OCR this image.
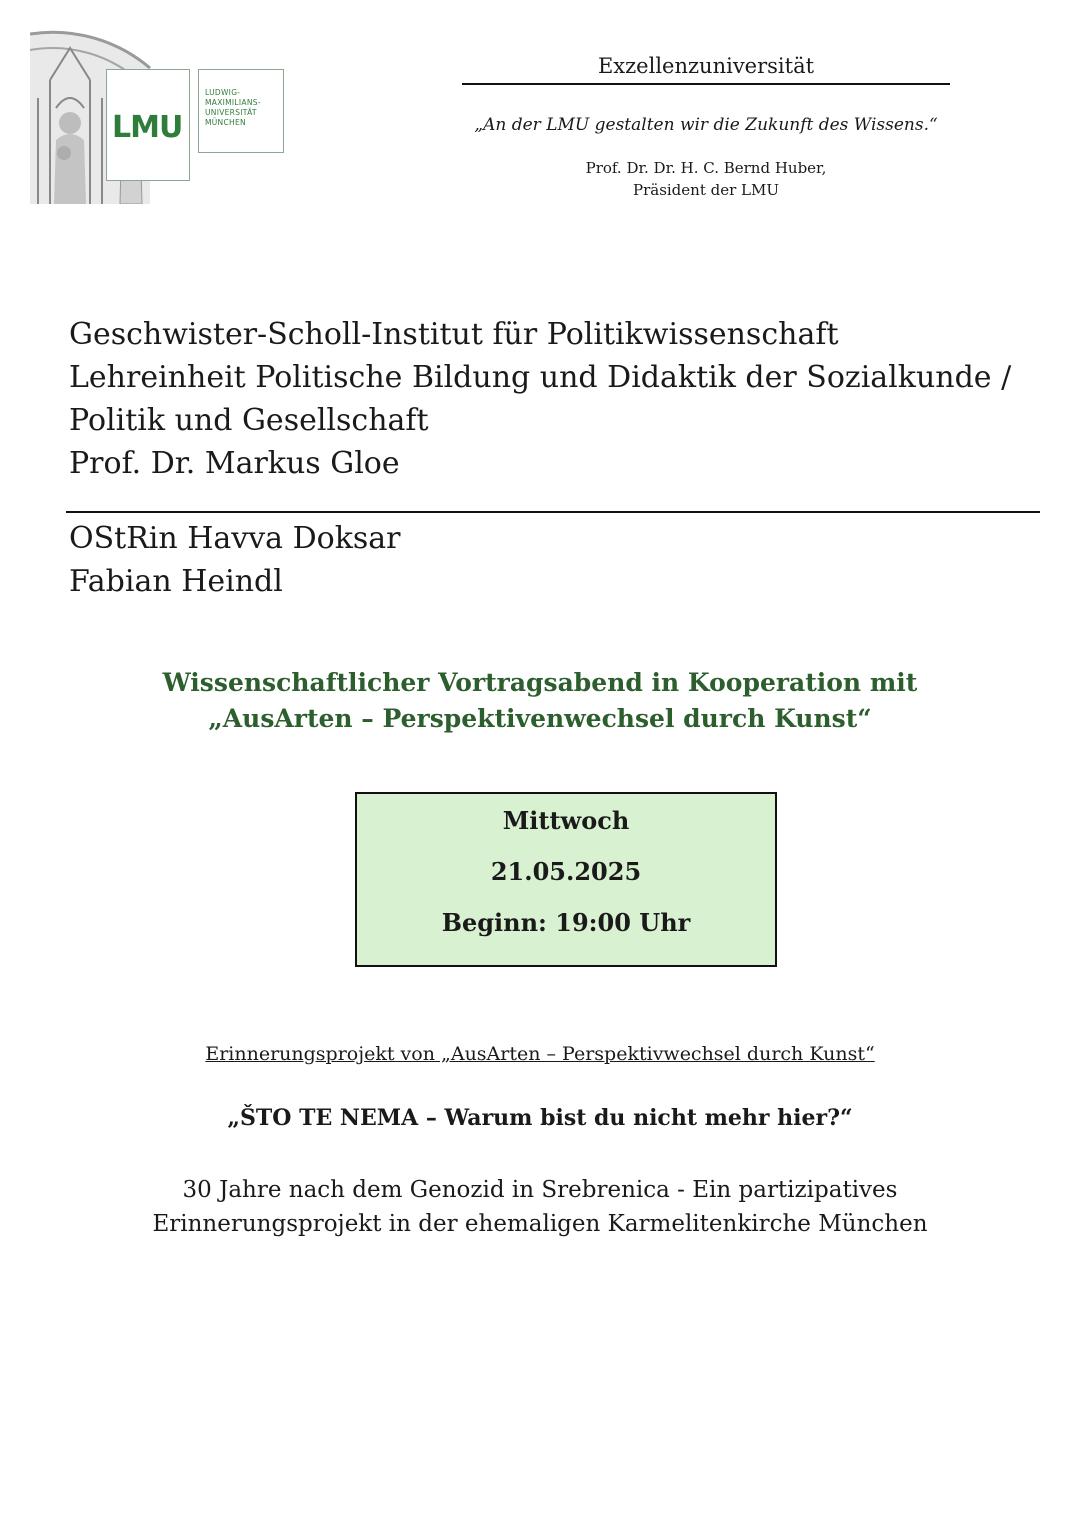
LMU
LUDWIG-
MAXIMILIANS-
UNIVERSITÄT
MÜNCHEN
Exzellenzuniversität
„An der LMU gestalten wir die Zukunft des Wissens.“
Prof. Dr. Dr. H. C. Bernd Huber,
Präsident der LMU
Geschwister-Scholl-Institut für Politikwissenschaft
Lehreinheit Politische Bildung und Didaktik der Sozialkunde /
Politik und Gesellschaft
Prof. Dr. Markus Gloe
OStRin Havva Doksar
Fabian Heindl
Wissenschaftlicher Vortragsabend in Kooperation mit
„AusArten – Perspektivenwechsel durch Kunst“
Mittwoch
21.05.2025
Beginn: 19:00 Uhr
Erinnerungsprojekt von „AusArten – Perspektivwechsel durch Kunst“
„ŠTO TE NEMA – Warum bist du nicht mehr hier?“
30 Jahre nach dem Genozid in Srebrenica - Ein partizipatives
Erinnerungsprojekt in der ehemaligen Karmelitenkirche München
